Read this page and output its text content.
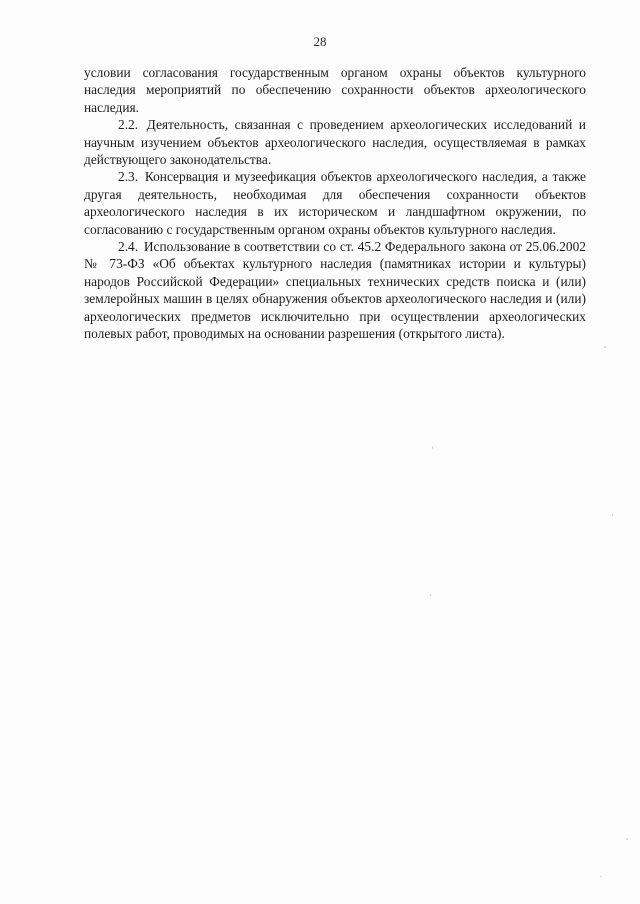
28

условии согласования государственным органом охраны объектов культурного наследия мероприятий по обеспечению сохранности объектов археологического наследия.

2.2. Деятельность, связанная с проведением археологических исследований и научным изучением объектов археологического наследия, осуществляемая в рамках действующего законодательства.

2.3. Консервация и музеефикация объектов археологического наследия, а также другая деятельность, необходимая для обеспечения сохранности объектов археологического наследия в их историческом и ландшафтном окружении, по согласованию с государственным органом охраны объектов культурного наследия.

2.4. Использование в соответствии со ст. 45.2 Федерального закона от 25.06.2002 № 73-ФЗ «Об объектах культурного наследия (памятниках истории и культуры) народов Российской Федерации» специальных технических средств поиска и (или) землеройных машин в целях обнаружения объектов археологического наследия и (или) археологических предметов исключительно при осуществлении археологических полевых работ, проводимых на основании разрешения (открытого листа).
